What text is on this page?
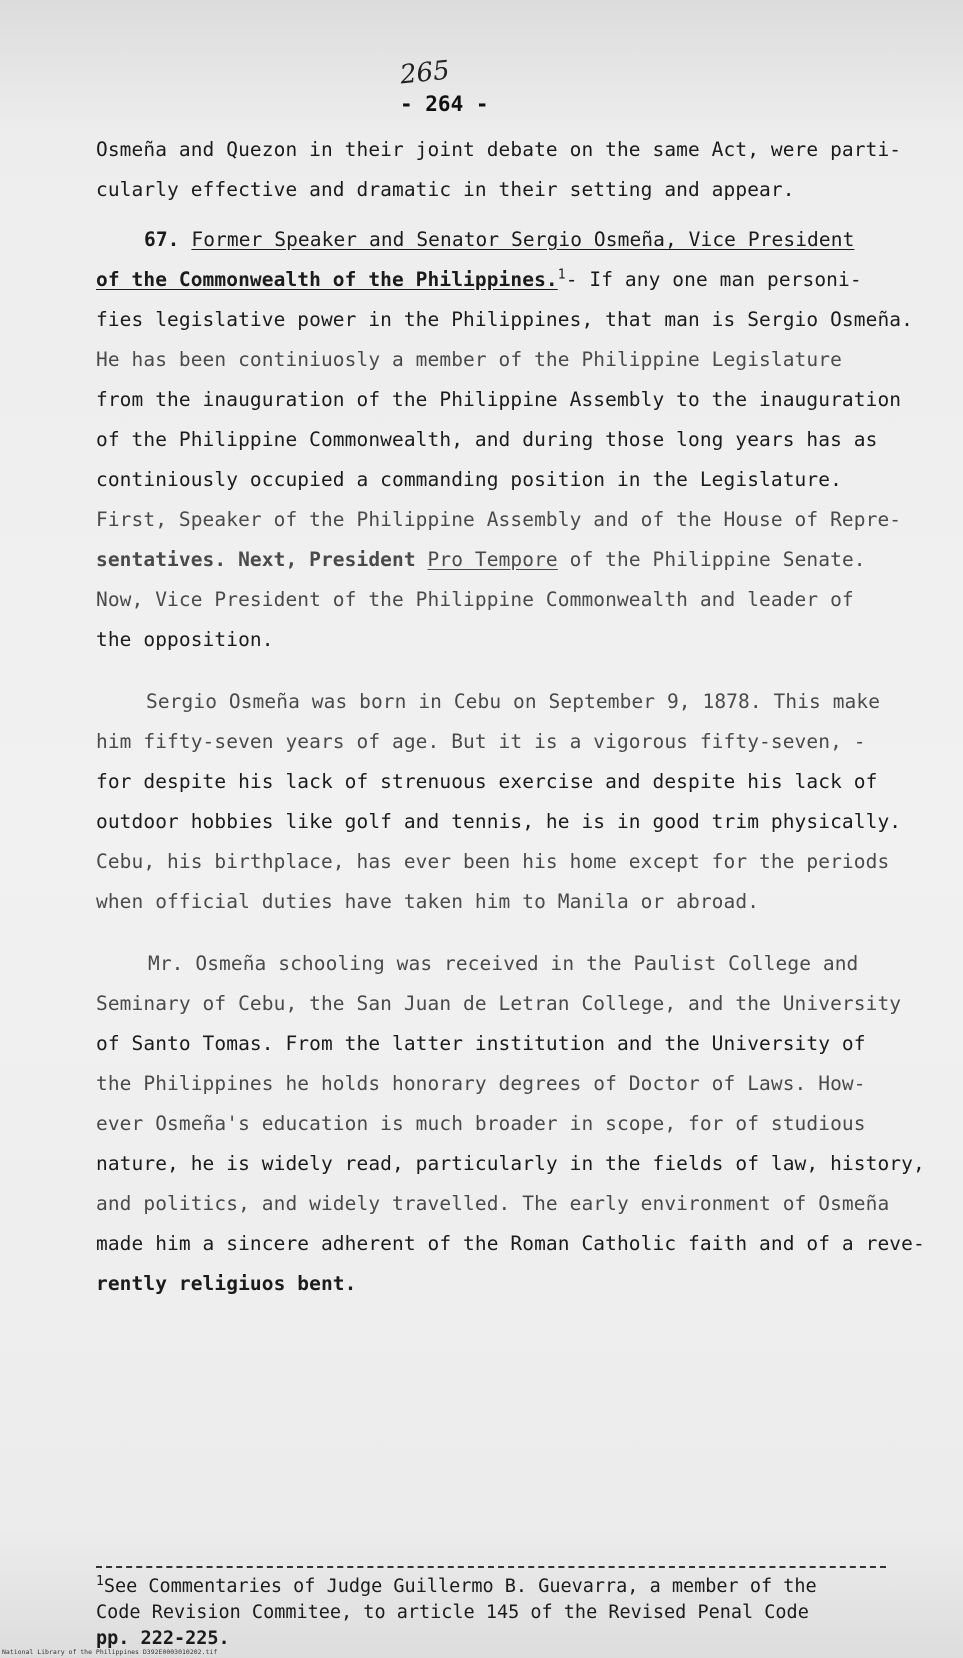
265
- 264 -
Osmeña and Quezon in their joint debate on the same Act, were parti-
cularly effective and dramatic in their setting and appear.
67. Former Speaker and Senator Sergio Osmeña, Vice President
of the Commonwealth of the Philippines.$^1$- If any one man personi-
fies legislative power in the Philippines, that man is Sergio Osmeña.
He has been continiuosly a member of the Philippine Legislature
from the inauguration of the Philippine Assembly to the inauguration
of the Philippine Commonwealth, and during those long years has as
continiously occupied a commanding position in the Legislature.
First, Speaker of the Philippine Assembly and of the House of Repre-
sentatives. Next, President Pro Tempore of the Philippine Senate.
Now, Vice President of the Philippine Commonwealth and leader of
the opposition.
Sergio Osmeña was born in Cebu on September 9, 1878. This make
him fifty-seven years of age. But it is a vigorous fifty-seven, -
for despite his lack of strenuous exercise and despite his lack of
outdoor hobbies like golf and tennis, he is in good trim physically.
Cebu, his birthplace, has ever been his home except for the periods
when official duties have taken him to Manila or abroad.
Mr. Osmeña schooling was received in the Paulist College and
Seminary of Cebu, the San Juan de Letran College, and the University
of Santo Tomas. From the latter institution and the University of
the Philippines he holds honorary degrees of Doctor of Laws. How-
ever Osmeña's education is much broader in scope, for of studious
nature, he is widely read, particularly in the fields of law, history,
and politics, and widely travelled. The early environment of Osmeña
made him a sincere adherent of the Roman Catholic faith and of a reve-
rently religiuos bent.
$^1$See Commentaries of Judge Guillermo B. Guevarra, a member of the
Code Revision Commitee, to article 145 of the Revised Penal Code
pp. 222-225.
National Library of the Philippines D392E0003010202.tif
